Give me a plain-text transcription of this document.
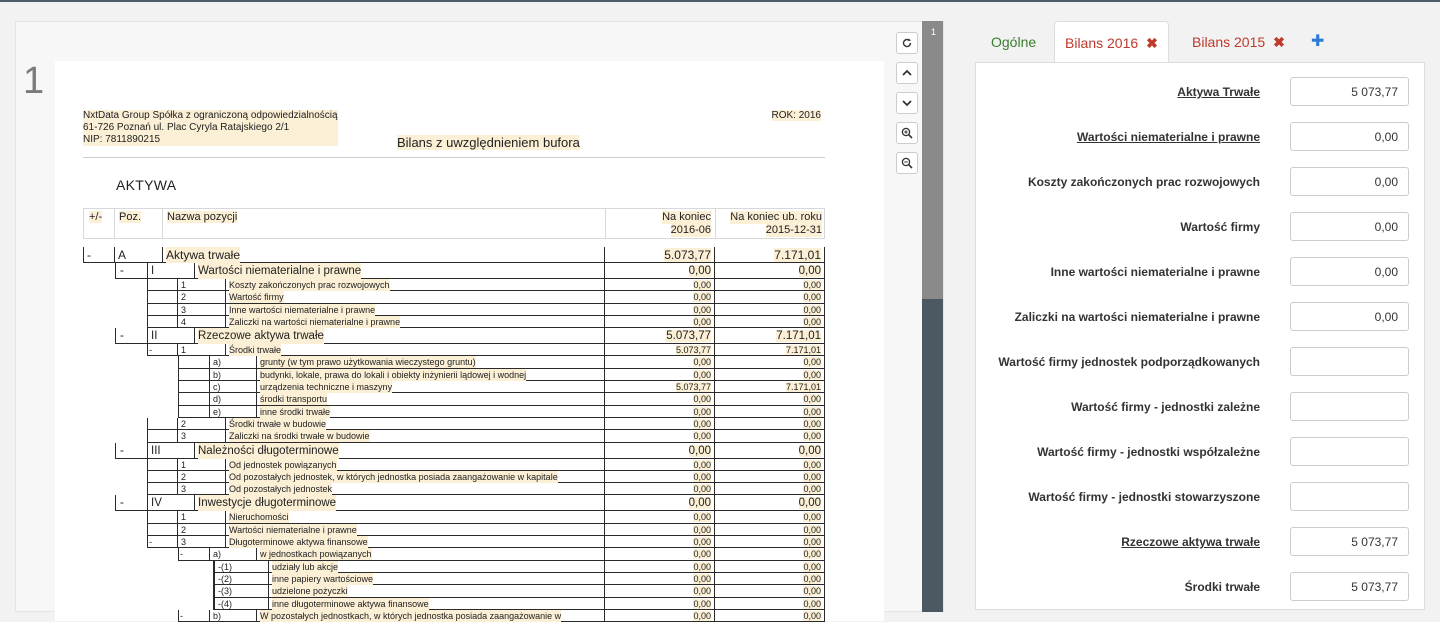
1
NxtData Group Spółka z ograniczoną odpowiedzialnością
61-726 Poznań ul. Plac Cyryla Ratajskiego 2/1
NIP: 7811890215
ROK: 2016
Bilans z uwzględnieniem bufora
AKTYWA
+/- Poz. Nazwa pozycji	Na koniec
2016-06
Na koniec ub. roku
2015-12-31
- A	Aktywa trwałe	5.073,77	7.171,01
- I	Wartości niematerialne i prawne	0,00	0,00
1	Koszty zakończonych prac rozwojowych	0,00	0,00
2	Wartość firmy	0,00	0,00
3	Inne wartości niematerialne i prawne	0,00	0,00
4	Zaliczki na wartości niematerialne i prawne	0,00	0,00
- II	Rzeczowe aktywa trwałe	5.073,77	7.171,01
-	1	Środki trwałe	5.073,77	7.171,01
a)	grunty (w tym prawo użytkowania wieczystego gruntu)	0,00	0,00
b)	budynki, lokale, prawa do lokali i obiekty inżynierii lądowej i wodnej	0,00	0,00
c)	urządzenia techniczne i maszyny	5.073,77	7.171,01
d)	środki transportu	0,00	0,00
e)	inne środki trwałe	0,00	0,00
2	Środki trwałe w budowie	0,00	0,00
3	Zaliczki na środki trwałe w budowie	0,00	0,00
- III	Należności długoterminowe	0,00	0,00
1	Od jednostek powiązanych	0,00	0,00
2	Od pozostałych jednostek, w których jednostka posiada zaangażowanie w kapitale	0,00	0,00
3	Od pozostałych jednostek	0,00	0,00
- IV	Inwestycje długoterminowe	0,00	0,00
1	Nieruchomości	0,00	0,00
2	Wartości niematerialne i prawne	0,00	0,00
-	3	Długoterminowe aktywa finansowe	0,00	0,00
-	a)	w jednostkach powiązanych	0,00	0,00
-(1)	udziały lub akcje	0,00	0,00
-(2)	inne papiery wartościowe	0,00	0,00
-(3)	udzielone pożyczki	0,00	0,00
-(4)	inne długoterminowe aktywa finansowe	0,00	0,00
-	b)	W pozostałych jednostkach, w których jednostka posiada zaangażowanie w	0,00	0,00
1
Ogólne	Bilans 2016 ✖	Bilans 2015 ✖	✚
Aktywa Trwałe	5 073,77
Wartości niematerialne i prawne	0,00
Koszty zakończonych prac rozwojowych	0,00
Wartość firmy	0,00
Inne wartości niematerialne i prawne	0,00
Zaliczki na wartości niematerialne i prawne	0,00
Wartość firmy jednostek podporządkowanych
Wartość firmy - jednostki zależne
Wartość firmy - jednostki współzależne
Wartość firmy - jednostki stowarzyszone
Rzeczowe aktywa trwałe	5 073,77
Środki trwałe	5 073,77
